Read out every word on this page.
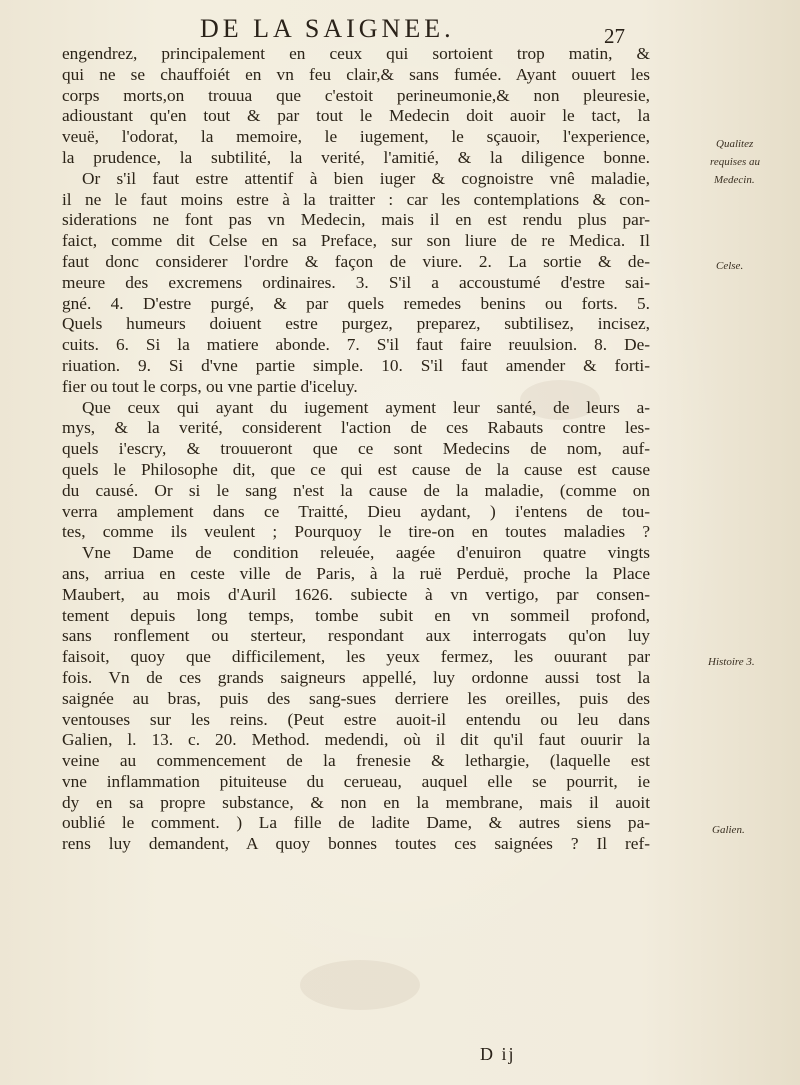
DE LA SAIGNEE.	27
engendrez, principalement en ceux qui sortoient trop matin, &
qui ne se chauffoiét en vn feu clair,& sans fumée. Ayant ouuert les
corps morts,on trouua que c'estoit perineumonie,& non pleuresie,
adioustant qu'en tout & par tout le Medecin doit auoir le tact, la
veuë, l'odorat, la memoire, le iugement, le sçauoir, l'experience,
la prudence, la subtilité, la verité, l'amitié, & la diligence bonne.
Or s'il faut estre attentif à bien iuger & cognoistre vnê maladie,
il ne le faut moins estre à la traitter : car les contemplations & con-
siderations ne font pas vn Medecin, mais il en est rendu plus par-
faict, comme dit Celse en sa Preface, sur son liure de re Medica. Il
faut donc considerer l'ordre & façon de viure. 2. La sortie & de-
meure des excremens ordinaires. 3. S'il a accoustumé d'estre sai-
gné. 4. D'estre purgé, & par quels remedes benins ou forts. 5.
Quels humeurs doiuent estre purgez, preparez, subtilisez, incisez,
cuits. 6. Si la matiere abonde. 7. S'il faut faire reuulsion. 8. De-
riuation. 9. Si d'vne partie simple. 10. S'il faut amender & forti-
fier ou tout le corps, ou vne partie d'iceluy.
Que ceux qui ayant du iugement ayment leur santé, de leurs a-
mys, & la verité, considerent l'action de ces Rabauts contre les-
quels i'escry, & trouueront que ce sont Medecins de nom, auf-
quels le Philosophe dit, que ce qui est cause de la cause est cause
du causé. Or si le sang n'est la cause de la maladie, (comme on
verra amplement dans ce Traitté, Dieu aydant, ) i'entens de tou-
tes, comme ils veulent ; Pourquoy le tire-on en toutes maladies ?
Vne Dame de condition releuée, aagée d'enuiron quatre vingts
ans, arriua en ceste ville de Paris, à la ruë Perduë, proche la Place
Maubert, au mois d'Auril 1626. subiecte à vn vertigo, par consen-
tement depuis long temps, tombe subit en vn sommeil profond,
sans ronflement ou sterteur, respondant aux interrogats qu'on luy
faisoit, quoy que difficilement, les yeux fermez, les ouurant par
fois. Vn de ces grands saigneurs appellé, luy ordonne aussi tost la
saignée au bras, puis des sang-sues derriere les oreilles, puis des
ventouses sur les reins. (Peut estre auoit-il entendu ou leu dans
Galien, l. 13. c. 20. Method. medendi, où il dit qu'il faut ouurir la
veine au commencement de la frenesie & lethargie, (laquelle est
vne inflammation pituiteuse du cerueau, auquel elle se pourrit, ie
dy en sa propre substance, & non en la membrane, mais il auoit
oublié le comment. ) La fille de ladite Dame, & autres siens pa-
rens luy demandent, A quoy bonnes toutes ces saignées ? Il ref-
Qualitez
requises au
Medecin.
Celse.
Histoire 3.
Galien.
D ij
